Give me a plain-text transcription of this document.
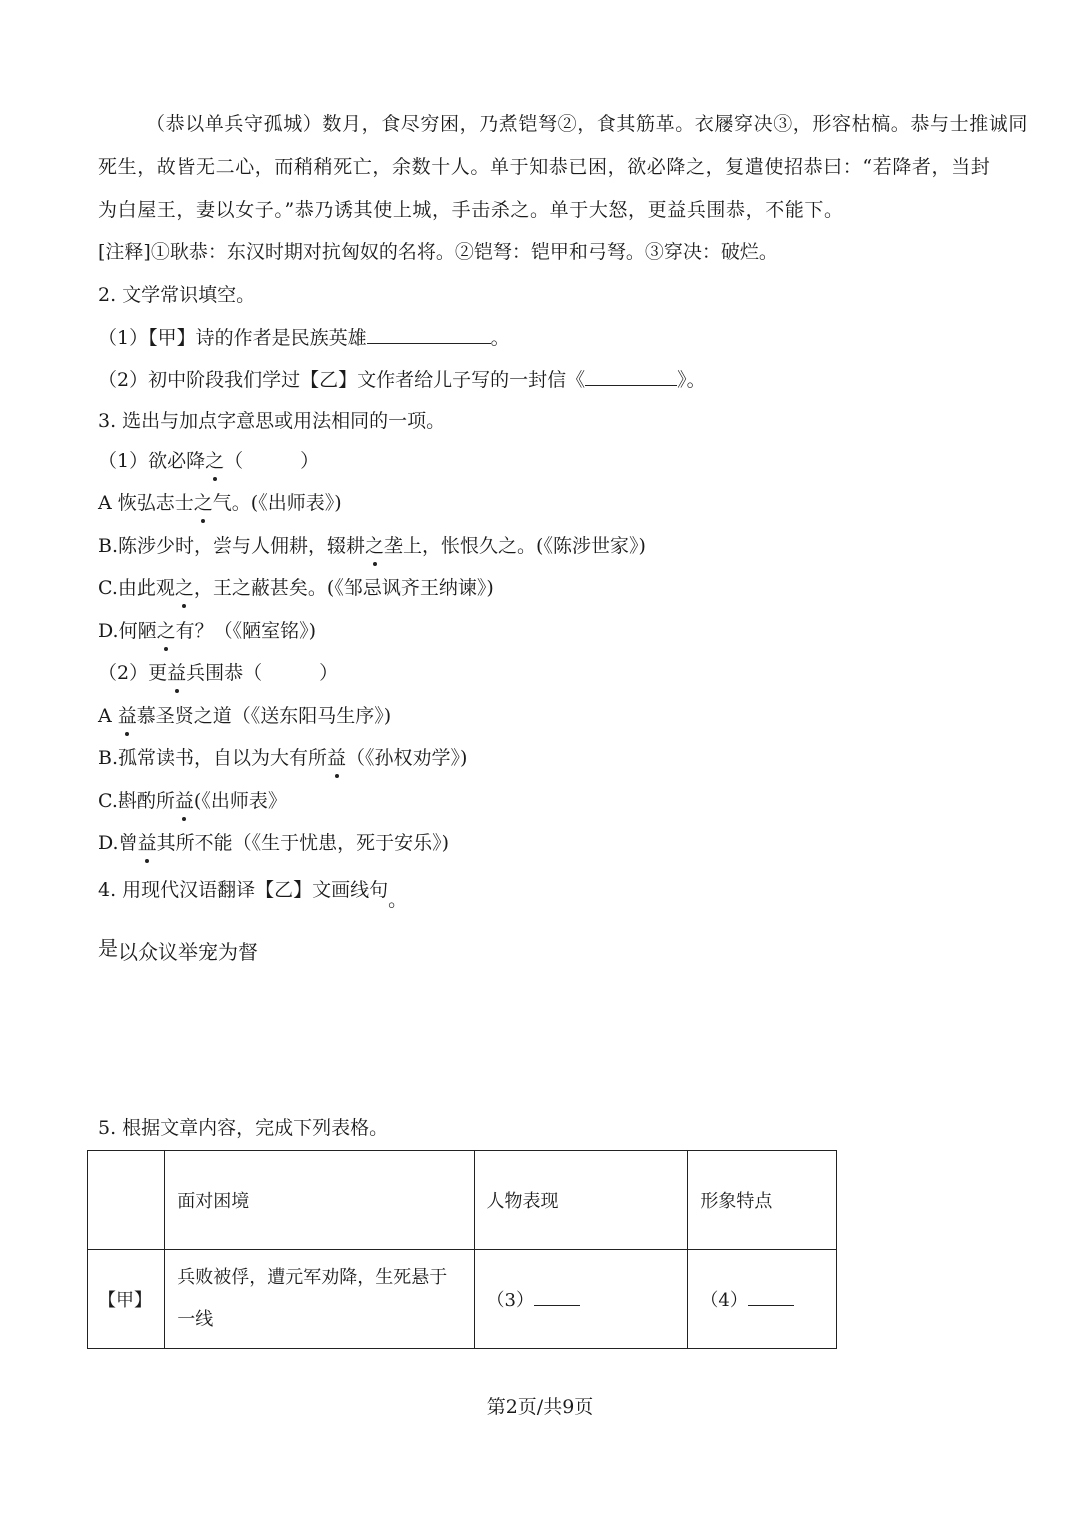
（恭以单兵守孤城）数月，食尽穷困，乃煮铠弩②，食其筋革。衣屦穿决③，形容枯槁。恭与士推诚同
死生，故皆无二心，而稍稍死亡，余数十人。单于知恭已困，欲必降之，复遣使招恭曰：“若降者，当封
为白屋王，妻以女子。”恭乃诱其使上城，手击杀之。单于大怒，更益兵围恭，不能下。
[注释]①耿恭：东汉时期对抗匈奴的名将。②铠弩：铠甲和弓弩。③穿决：破烂。
2. 文学常识填空。
（1）【甲】诗的作者是民族英雄	。
（2）初中阶段我们学过【乙】文作者给儿子写的一封信《	》。
3. 选出与加点字意思或用法相同的一项。
（1）欲必降之（　　　）
A 恢弘志士之气。(《出师表》)
B.陈涉少时，尝与人佣耕，辍耕之垄上，怅恨久之。(《陈涉世家》)
C.由此观之，王之蔽甚矣。(《邹忌讽齐王纳谏》)
D.何陋之有？（《陋室铭》)
（2）更益兵围恭（　　　）
A 益慕圣贤之道（《送东阳马生序》)
B.孤常读书，自以为大有所益（《孙权劝学》)
C.斟酌所益(《出师表》
D.曾益其所不能（《生于忧患，死于安乐》)
4. 用现代汉语翻译【乙】文画线句。
是以众议举宠为督
5. 根据文章内容，完成下列表格。
	面对困境	人物表现	形象特点
【甲】	兵败被俘，遭元军劝降，生死悬于一线	（3）	（4）
第2页/共9页
